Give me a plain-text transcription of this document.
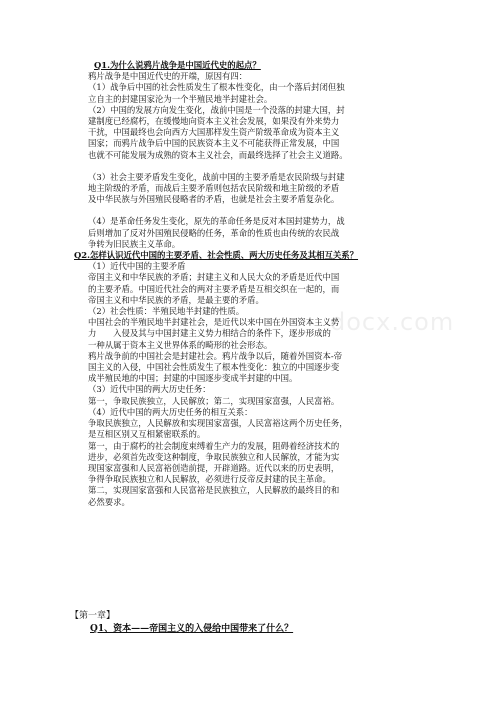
Q1.为什么说鸦片战争是中国近代史的起点？

鸦片战争是中国近代史的开端，原因有四：

（1）战争后中国的社会性质发生了根本性变化，由一个落后封闭但独

立自主的封建国家沦为一个半殖民地半封建社会。

（2）中国的发展方向发生变化，战前中国是一个没落的封建大国，封

建制度已经腐朽，在缓慢地向资本主义社会发展，如果没有外来势力

干扰，中国最终也会向西方大国那样发生资产阶级革命成为资本主义

国家；而鸦片战争后中国的民族资本主义不可能获得正常发展，中国

也就不可能发展为成熟的资本主义社会，而最终选择了社会主义道路。

（3）社会主要矛盾发生变化，战前中国的主要矛盾是农民阶级与封建

地主阶级的矛盾，而战后主要矛盾则包括农民阶级和地主阶级的矛盾

及中华民族与外国殖民侵略者的矛盾，也就是社会主要矛盾复杂化。

（4）是革命任务发生变化，原先的革命任务是反对本国封建势力，战

后则增加了反对外国殖民侵略的任务，革命的性质也由传统的农民战

争转为旧民族主义革命。

Q2.怎样认识近代中国的主要矛盾、社会性质、两大历史任务及其相互关系？

（1）近代中国的主要矛盾

帝国主义和中华民族的矛盾；封建主义和人民大众的矛盾是近代中国

的主要矛盾。中国近代社会的两对主要矛盾是互相交织在一起的，而

帝国主义和中华民族的矛盾，是最主要的矛盾。

（2）社会性质：半殖民地半封建的性质。

中国社会的半殖民地半封建社会，是近代以来中国在外国资本主义势

力　　入侵及其与中国封建主义势力相结合的条件下，逐步形成的

一种从属于资本主义世界体系的畸形的社会形态。

鸦片战争前的中国社会是封建社会。鸦片战争以后，随着外国资本-帝

国主义的入侵，中国社会性质发生了根本性变化：独立的中国逐步变

成半殖民地的中国；封建的中国逐步变成半封建的中国。

（3）近代中国的两大历史任务：

第一，争取民族独立，人民解放；第二，实现国家富强，人民富裕。

（4）近代中国的两大历史任务的相互关系：

争取民族独立，人民解放和实现国家富强，人民富裕这两个历史任务，

是互相区别又互相紧密联系的。

第一，由于腐朽的社会制度束缚着生产力的发展，阻碍着经济技术的

进步，必须首先改变这种制度，争取民族独立和人民解放，才能为实

现国家富强和人民富裕创造前提，开辟道路。近代以来的历史表明，

争得争取民族独立和人民解放，必须进行反帝反封建的民主革命。

第二，实现国家富强和人民富裕是民族独立，人民解放的最终目的和

必然要求。

docx.com

【第一章】

Q1、资本——帝国主义的入侵给中国带来了什么？
